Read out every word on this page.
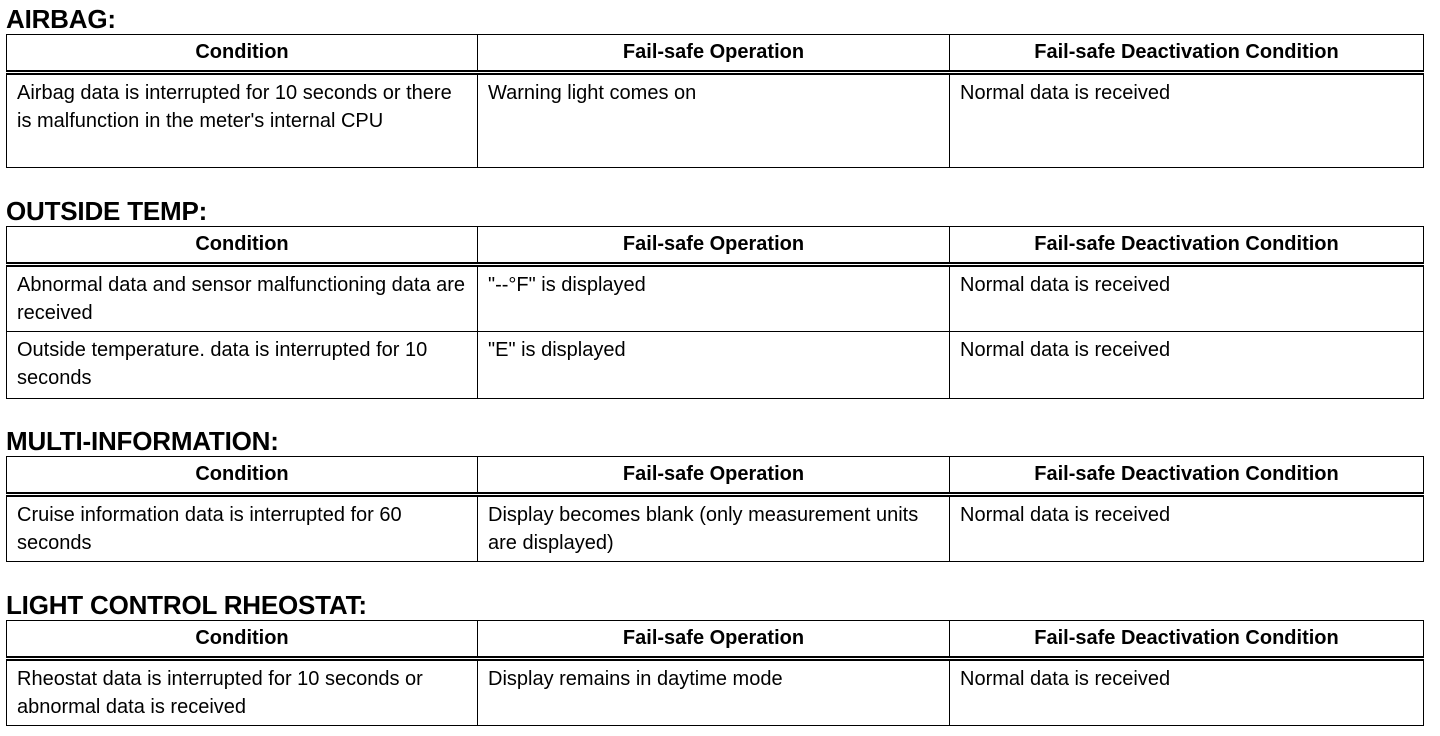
AIRBAG:
Condition	Fail-safe Operation	Fail-safe Deactivation Condition
Airbag data is interrupted for 10 seconds or there is malfunction in the meter's internal CPU	Warning light comes on	Normal data is received
OUTSIDE TEMP:
Condition	Fail-safe Operation	Fail-safe Deactivation Condition
Abnormal data and sensor malfunctioning data are received	"--°F" is displayed	Normal data is received
Outside temperature. data is interrupted for 10 seconds	"E" is displayed	Normal data is received
MULTI-INFORMATION:
Condition	Fail-safe Operation	Fail-safe Deactivation Condition
Cruise information data is interrupted for 60 seconds	Display becomes blank (only measurement units are displayed)	Normal data is received
LIGHT CONTROL RHEOSTAT:
Condition	Fail-safe Operation	Fail-safe Deactivation Condition
Rheostat data is interrupted for 10 seconds or abnormal data is received	Display remains in daytime mode	Normal data is received
